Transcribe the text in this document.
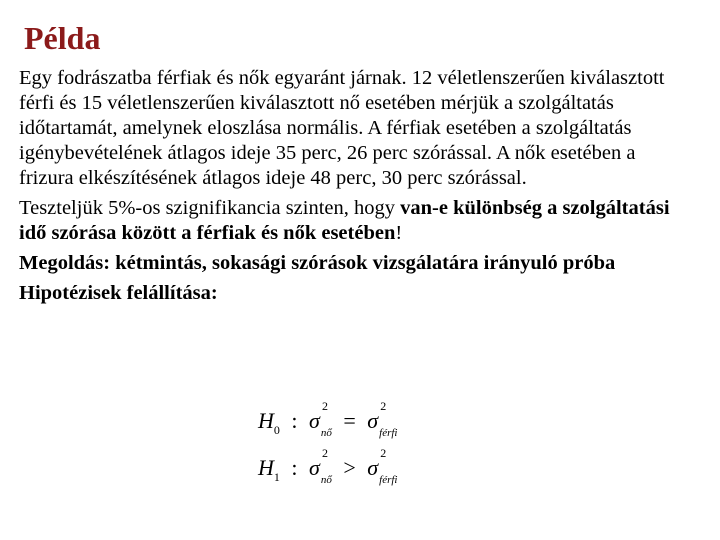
Példa

Egy fodrászatba férfiak és nők egyaránt járnak. 12 véletlenszerűen kiválasztott férfi és 15 véletlenszerűen kiválasztott nő esetében mérjük a szolgáltatás időtartamát, amelynek eloszlása normális. A férfiak esetében a szolgáltatás igénybevételének átlagos ideje 35 perc, 26 perc szórással. A nők esetében a frizura elkészítésének átlagos ideje 48 perc, 30 perc szórással.

Teszteljük 5%-os szignifikancia szinten, hogy van-e különbség a szolgáltatási idő szórása között a férfiak és nők esetében!

Megoldás: kétmintás, sokasági szórások vizsgálatára irányuló próba

Hipotézisek felállítása:

$H_0$ : σ
2
$_{nő}$ = σ
2
$_{férfi}$
$H_1$ : σ
2
$_{nő}$ > σ
2
$_{férfi}$
